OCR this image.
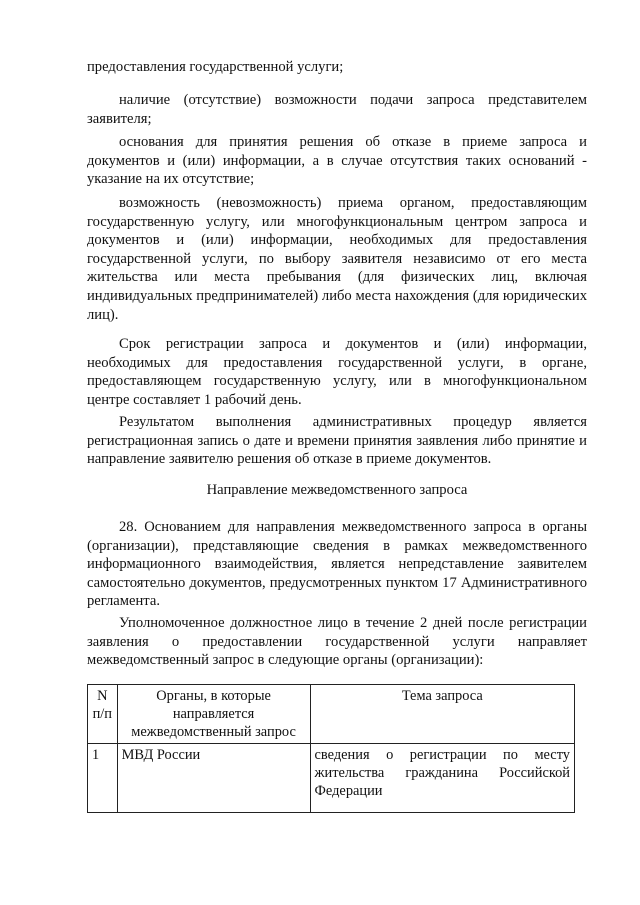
предоставления государственной услуги;

наличие (отсутствие) возможности подачи запроса представителем заявителя;

основания для принятия решения об отказе в приеме запроса и документов и (или) информации, а в случае отсутствия таких оснований - указание на их отсутствие;

возможность (невозможность) приема органом, предоставляющим государственную услугу, или многофункциональным центром запроса и документов и (или) информации, необходимых для предоставления государственной услуги, по выбору заявителя независимо от его места жительства или места пребывания (для физических лиц, включая индивидуальных предпринимателей) либо места нахождения (для юридических лиц).

Срок регистрации запроса и документов и (или) информации, необходимых для предоставления государственной услуги, в органе, предоставляющем государственную услугу, или в многофункциональном центре составляет 1 рабочий день.

Результатом выполнения административных процедур является регистрационная запись о дате и времени принятия заявления либо принятие и направление заявителю решения об отказе в приеме документов.

Направление межведомственного запроса

28. Основанием для направления межведомственного запроса в органы (организации), представляющие сведения в рамках межведомственного информационного взаимодействия, является непредставление заявителем самостоятельно документов, предусмотренных пунктом 17 Административного регламента.

Уполномоченное должностное лицо в течение 2 дней после регистрации заявления о предоставлении государственной услуги направляет межведомственный запрос в следующие органы (организации):

N п/п	Органы, в которые направляется межведомственный запрос	Тема запроса
1	МВД России	сведения о регистрации по месту жительства гражданина Российской Федерации
